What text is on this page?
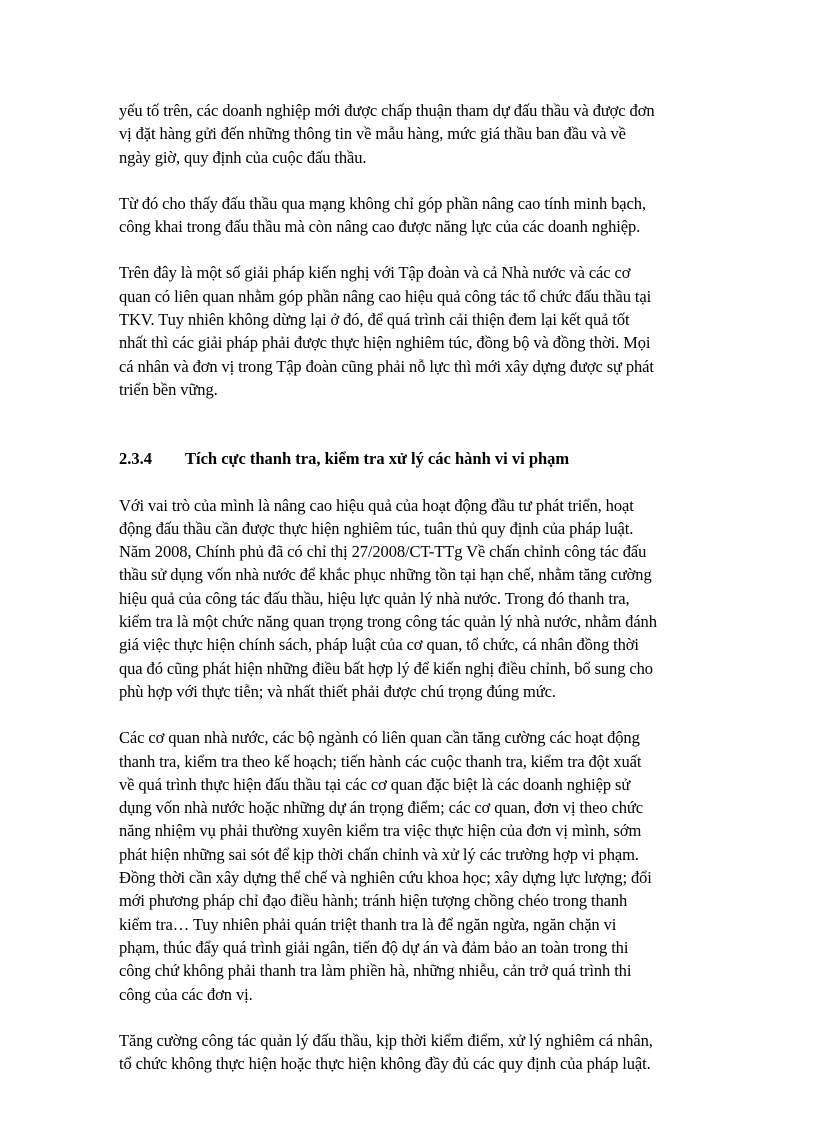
yếu tố trên, các doanh nghiệp mới được chấp thuận tham dự đấu thầu và được đơn
vị đặt hàng gửi đến những thông tin về mẫu hàng, mức giá thầu ban đầu và về
ngày giờ, quy định của cuộc đấu thầu.

Từ đó cho thấy đấu thầu qua mạng không chỉ góp phần nâng cao tính minh bạch,
công khai trong đấu thầu mà còn nâng cao được năng lực của các doanh nghiệp.

Trên đây là một số giải pháp kiến nghị với Tập đoàn và cả Nhà nước và các cơ
quan có liên quan nhằm góp phần nâng cao hiệu quả công tác tổ chức đấu thầu tại
TKV. Tuy nhiên không dừng lại ở đó, để quá trình cải thiện đem lại kết quả tốt
nhất thì các giải pháp phải được thực hiện nghiêm túc, đồng bộ và đồng thời. Mọi
cá nhân và đơn vị trong Tập đoàn cũng phải nỗ lực thì mới xây dựng được sự phát
triển bền vững.

2.3.4	Tích cực thanh tra, kiểm tra xử lý các hành vi vi phạm

Với vai trò của mình là nâng cao hiệu quả của hoạt động đầu tư phát triển, hoạt
động đấu thầu cần được thực hiện nghiêm túc, tuân thủ quy định của pháp luật.
Năm 2008, Chính phủ đã có chỉ thị 27/2008/CT-TTg Về chấn chỉnh công tác đấu
thầu sử dụng vốn nhà nước để khắc phục những tồn tại hạn chế, nhằm tăng cường
hiệu quả của công tác đấu thầu, hiệu lực quản lý nhà nước. Trong đó thanh tra,
kiểm tra là một chức năng quan trọng trong công tác quản lý nhà nước, nhằm đánh
giá việc thực hiện chính sách, pháp luật của cơ quan, tổ chức, cá nhân đồng thời
qua đó cũng phát hiện những điều bất hợp lý để kiến nghị điều chỉnh, bổ sung cho
phù hợp với thực tiễn; và nhất thiết phải được chú trọng đúng mức.

Các cơ quan nhà nước, các bộ ngành có liên quan cần tăng cường các hoạt động
thanh tra, kiểm tra theo kế hoạch; tiến hành các cuộc thanh tra, kiểm tra đột xuất
về quá trình thực hiện đấu thầu tại các cơ quan đặc biệt là các doanh nghiệp sử
dụng vốn nhà nước hoặc những dự án trọng điểm; các cơ quan, đơn vị theo chức
năng nhiệm vụ phải thường xuyên kiểm tra việc thực hiện của đơn vị mình, sớm
phát hiện những sai sót để kịp thời chấn chỉnh và xử lý các trường hợp vi phạm.
Đồng thời cần xây dựng thể chế và nghiên cứu khoa học; xây dựng lực lượng; đổi
mới phương pháp chỉ đạo điều hành; tránh hiện tượng chồng chéo trong thanh
kiểm tra… Tuy nhiên phải quán triệt thanh tra là để ngăn ngừa, ngăn chặn vi
phạm, thúc đẩy quá trình giải ngân, tiến độ dự án và đảm bảo an toàn trong thi
công chứ không phải thanh tra làm phiền hà, những nhiễu, cản trở quá trình thi
công của các đơn vị.

Tăng cường công tác quản lý đấu thầu, kịp thời kiểm điểm, xử lý nghiêm cá nhân,
tổ chức không thực hiện hoặc thực hiện không đầy đủ các quy định của pháp luật.
